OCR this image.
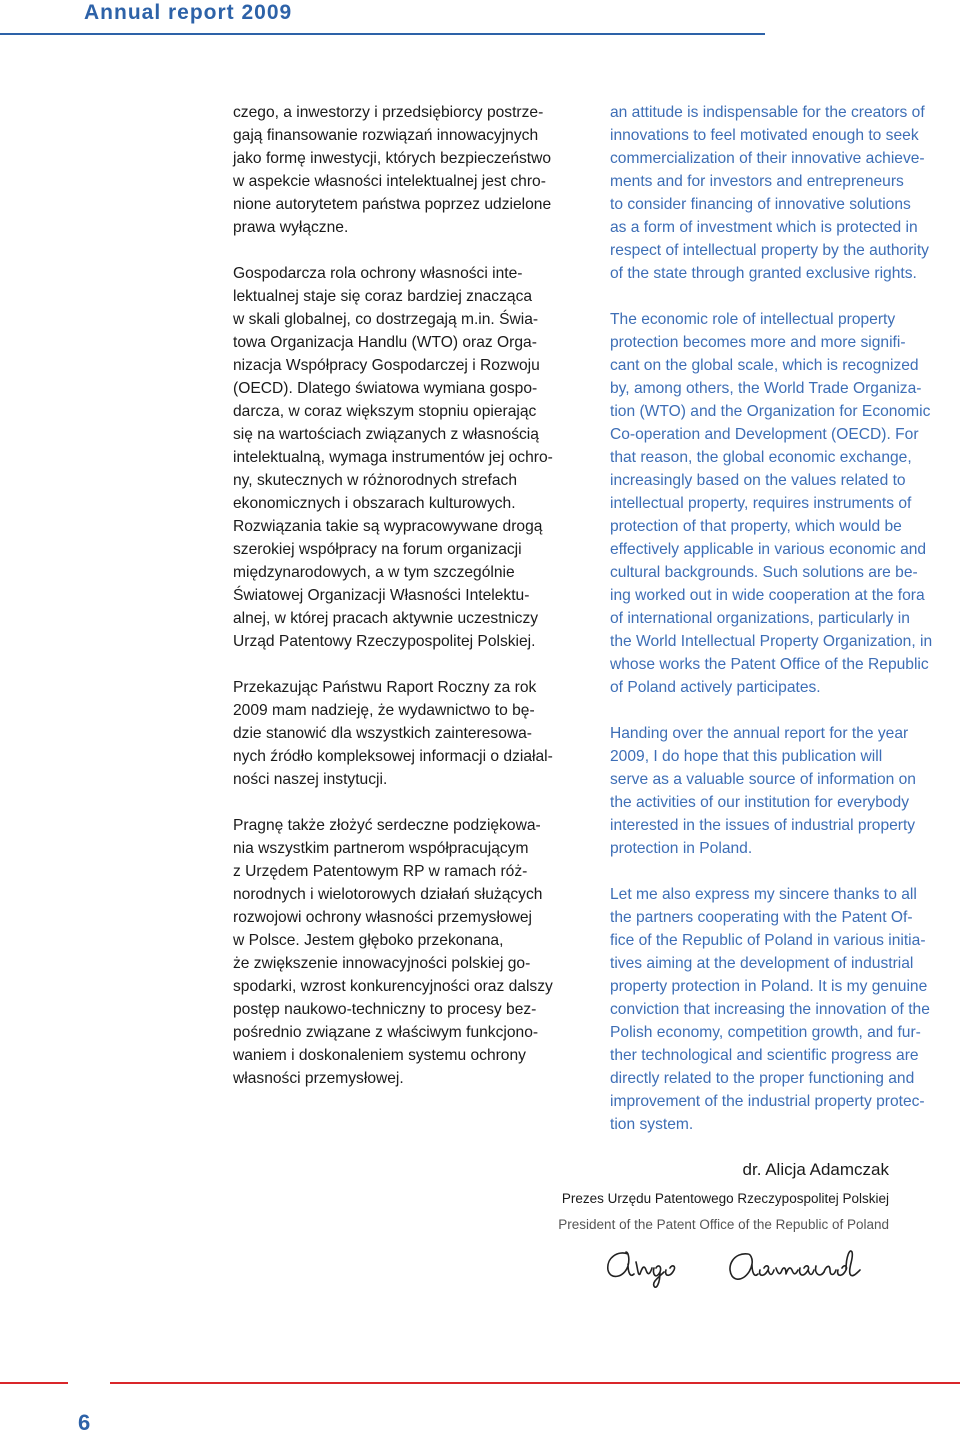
Annual report 2009

czego, a inwestorzy i przedsiębiorcy postrze-
gają finansowanie rozwiązań innowacyjnych
jako formę inwestycji, których bezpieczeństwo
w aspekcie własności intelektualnej jest chro-
nione autorytetem państwa poprzez udzielone
prawa wyłączne.

Gospodarcza rola ochrony własności inte-
lektualnej staje się coraz bardziej znacząca
w skali globalnej, co dostrzegają m.in. Świa-
towa Organizacja Handlu (WTO) oraz Orga-
nizacja Współpracy Gospodarczej i Rozwoju
(OECD). Dlatego światowa wymiana gospo-
darcza, w coraz większym stopniu opierając
się na wartościach związanych z własnością
intelektualną, wymaga instrumentów jej ochro-
ny, skutecznych w różnorodnych strefach
ekonomicznych i obszarach kulturowych.
Rozwiązania takie są wypracowywane drogą
szerokiej współpracy na forum organizacji
międzynarodowych, a w tym szczególnie
Światowej Organizacji Własności Intelektu-
alnej, w której pracach aktywnie uczestniczy
Urząd Patentowy Rzeczypospolitej Polskiej.

Przekazując Państwu Raport Roczny za rok
2009 mam nadzieję, że wydawnictwo to bę-
dzie stanowić dla wszystkich zainteresowa-
nych źródło kompleksowej informacji o działal-
ności naszej instytucji.

Pragnę także złożyć serdeczne podziękowa-
nia wszystkim partnerom współpracującym
z Urzędem Patentowym RP w ramach róż-
norodnych i wielotorowych działań służących
rozwojowi ochrony własności przemysłowej
w Polsce. Jestem głęboko przekonana,
że zwiększenie innowacyjności polskiej go-
spodarki, wzrost konkurencyjności oraz dalszy
postęp naukowo-techniczny to procesy bez-
pośrednio związane z właściwym funkcjono-
waniem i doskonaleniem systemu ochrony
własności przemysłowej.

an attitude is indispensable for the creators of
innovations to feel motivated enough to seek
commercialization of their innovative achieve-
ments and for investors and entrepreneurs
to consider financing of innovative solutions
as a form of investment which is protected in
respect of intellectual property by the authority
of the state through granted exclusive rights.

The economic role of intellectual property
protection becomes more and more signifi-
cant on the global scale, which is recognized
by, among others, the World Trade Organiza-
tion (WTO) and the Organization for Economic
Co-operation and Development (OECD). For
that reason, the global economic exchange,
increasingly based on the values related to
intellectual property, requires instruments of
protection of that property, which would be
effectively applicable in various economic and
cultural backgrounds. Such solutions are be-
ing worked out in wide cooperation at the fora
of international organizations, particularly in
the World Intellectual Property Organization, in
whose works the Patent Office of the Republic
of Poland actively participates.

Handing over the annual report for the year
2009, I do hope that this publication will
serve as a valuable source of information on
the activities of our institution for everybody
interested in the issues of industrial property
protection in Poland.

Let me also express my sincere thanks to all
the partners cooperating with the Patent Of-
fice of the Republic of Poland in various initia-
tives aiming at the development of industrial
property protection in Poland. It is my genuine
conviction that increasing the innovation of the
Polish economy, competition growth, and fur-
ther technological and scientific progress are
directly related to the proper functioning and
improvement of the industrial property protec-
tion system.

dr. Alicja Adamczak
Prezes Urzędu Patentowego Rzeczypospolitej Polskiej
President of the Patent Office of the Republic of Poland
6
